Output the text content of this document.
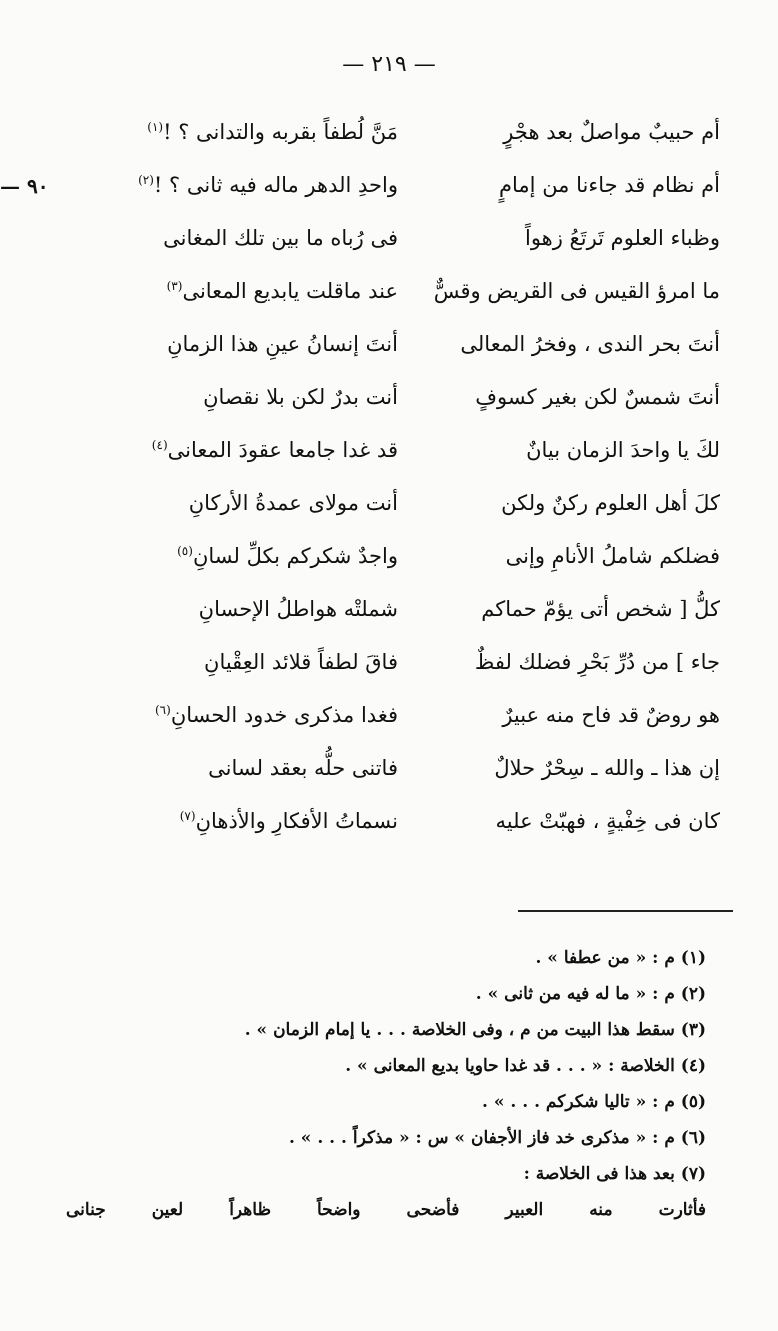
— ٢١٩ —
٩٠ —
أم حبيبٌ مواصلٌ بعد هجْرٍ
مَنَّ لُطفاً بقربه والتدانى ؟ !$^{(١)}$
أم نظام قد جاءنا من إمامٍ
واحدِ الدهر ماله فيه ثانى ؟ !$^{(٢)}$
وظباء العلوم تَرتَعُ زهواً
فى رُباه ما بين تلك المغانى
ما امرؤ القيس فى القريض وقسٌّ
عند ماقلت يابديع المعانى$^{(٣)}$
أنتَ بحر الندى ، وفخرُ المعالى
أنتَ إنسانُ عينِ هذا الزمانِ
أنتَ شمسٌ لكن بغير كسوفٍ
أنت بدرٌ لكن بلا نقصانِ
لكَ يا واحدَ الزمان بيانٌ
قد غدا جامعا عقودَ المعانى$^{(٤)}$
كلَ أهل العلوم ركنٌ ولكن
أنت مولاى عمدةُ الأركانِ
فضلكم شاملُ الأنامِ وإنى
واجدٌ شكركم بكلِّ لسانِ$^{(٥)}$
كلُّ [ شخص أتى يؤمّ حماكم
شملتْه هواطلُ الإحسانِ
جاء ] من دُرِّ بَحْرِ فضلك لفظٌ
فاقَ لطفاً قلائد العِقْيانِ
هو روضٌ قد فاح منه عبيرٌ
فغدا مذكرى خدود الحسانِ$^{(٦)}$
إن هذا ـ والله ـ سِحْرٌ حلالٌ
فاتنى حلُّه بعقد لسانى
كان فى خِفْيةٍ ، فهبّتْ عليه
نسماتُ الأفكارِ والأذهانِ$^{(٧)}$
(١) م : « من عطفا » .
(٢) م : « ما له فيه من ثانى » .
(٣) سقط هذا البيت من م ، وفى الخلاصة . . . يا إمام الزمان » .
(٤) الخلاصة : « . . . قد غدا حاويا بديع المعانى » .
(٥) م : « تاليا شكركم . . . » .
(٦) م : « مذكرى خد فاز الأجفان » س : « مذكراً . . . » .
(٧) بعد هذا فى الخلاصة :
فأثارت منه العبير فأضحى واضحاً ظاهراً لعين جنانى
